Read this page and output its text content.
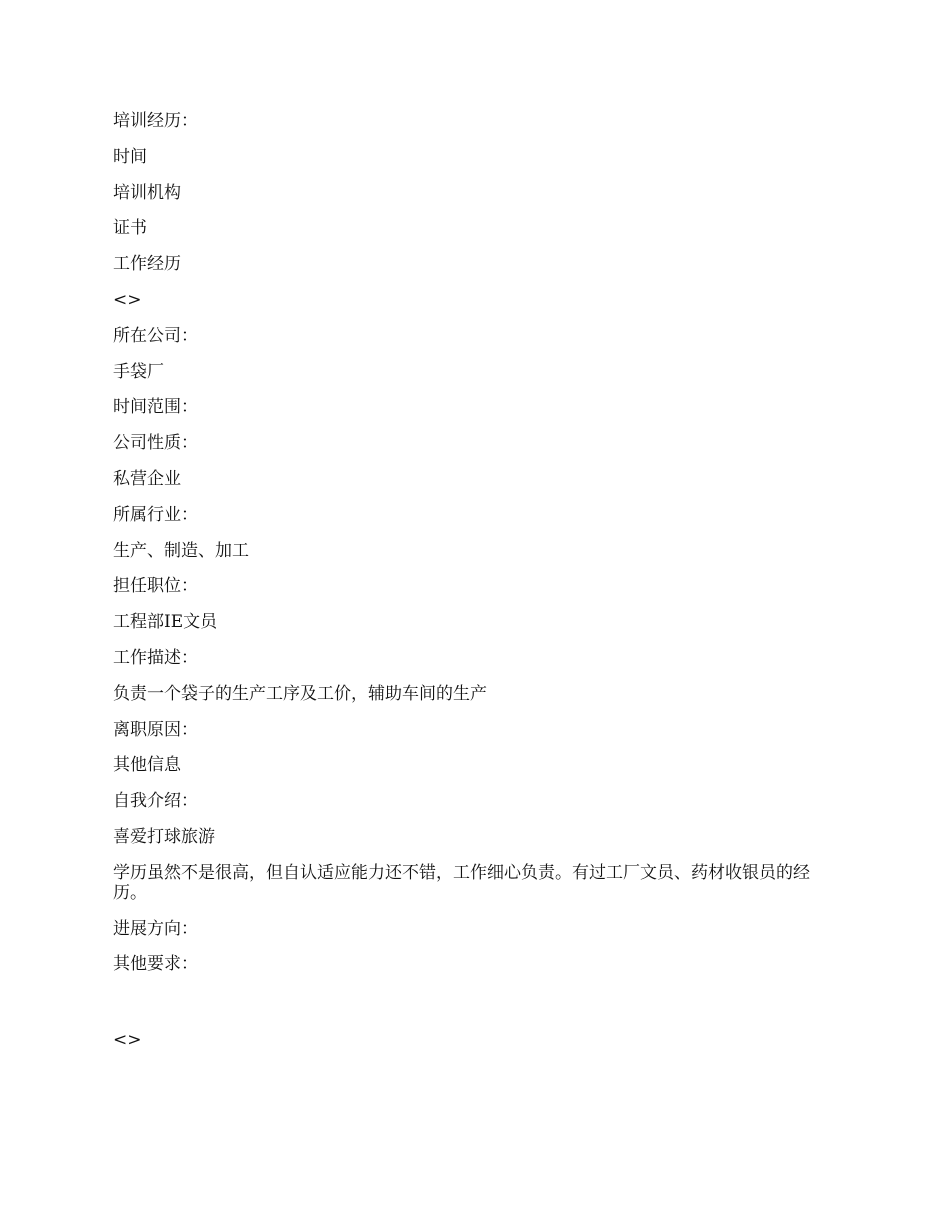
培训经历：
时间
培训机构
证书
工作经历
<>
所在公司：
手袋厂
时间范围：
公司性质：
私营企业
所属行业：
生产、制造、加工
担任职位：
工程部IE文员
工作描述：
负责一个袋子的生产工序及工价，辅助车间的生产
离职原因：
其他信息
自我介绍：
喜爱打球旅游
学历虽然不是很高，但自认适应能力还不错，工作细心负责。有过工厂文员、药材收银员的经历。
进展方向：
其他要求：
<>
